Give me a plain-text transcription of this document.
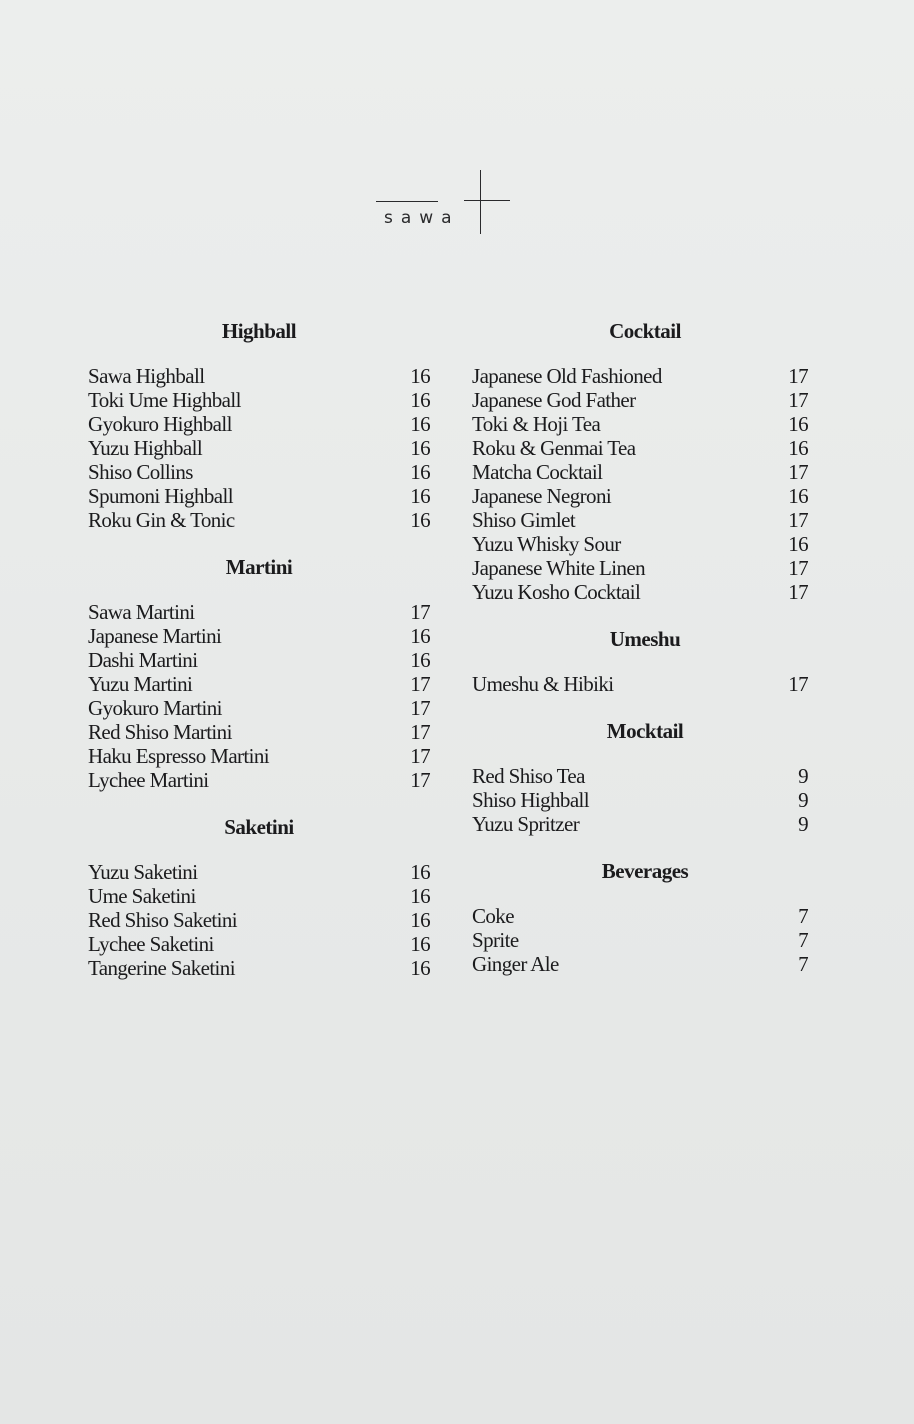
sawa
Highball
Sawa Highball	16
Toki Ume Highball	16
Gyokuro Highball	16
Yuzu Highball	16
Shiso Collins	16
Spumoni Highball	16
Roku Gin & Tonic	16
Martini
Sawa Martini	17
Japanese Martini	16
Dashi Martini	16
Yuzu Martini	17
Gyokuro Martini	17
Red Shiso Martini	17
Haku Espresso Martini	17
Lychee Martini	17
Saketini
Yuzu Saketini	16
Ume Saketini	16
Red Shiso Saketini	16
Lychee Saketini	16
Tangerine Saketini	16
Cocktail
Japanese Old Fashioned	17
Japanese God Father	17
Toki & Hoji Tea	16
Roku & Genmai Tea	16
Matcha Cocktail	17
Japanese Negroni	16
Shiso Gimlet	17
Yuzu Whisky Sour	16
Japanese White Linen	17
Yuzu Kosho Cocktail	17
Umeshu
Umeshu & Hibiki	17
Mocktail
Red Shiso Tea	9
Shiso Highball	9
Yuzu Spritzer	9
Beverages
Coke	7
Sprite	7
Ginger Ale	7
